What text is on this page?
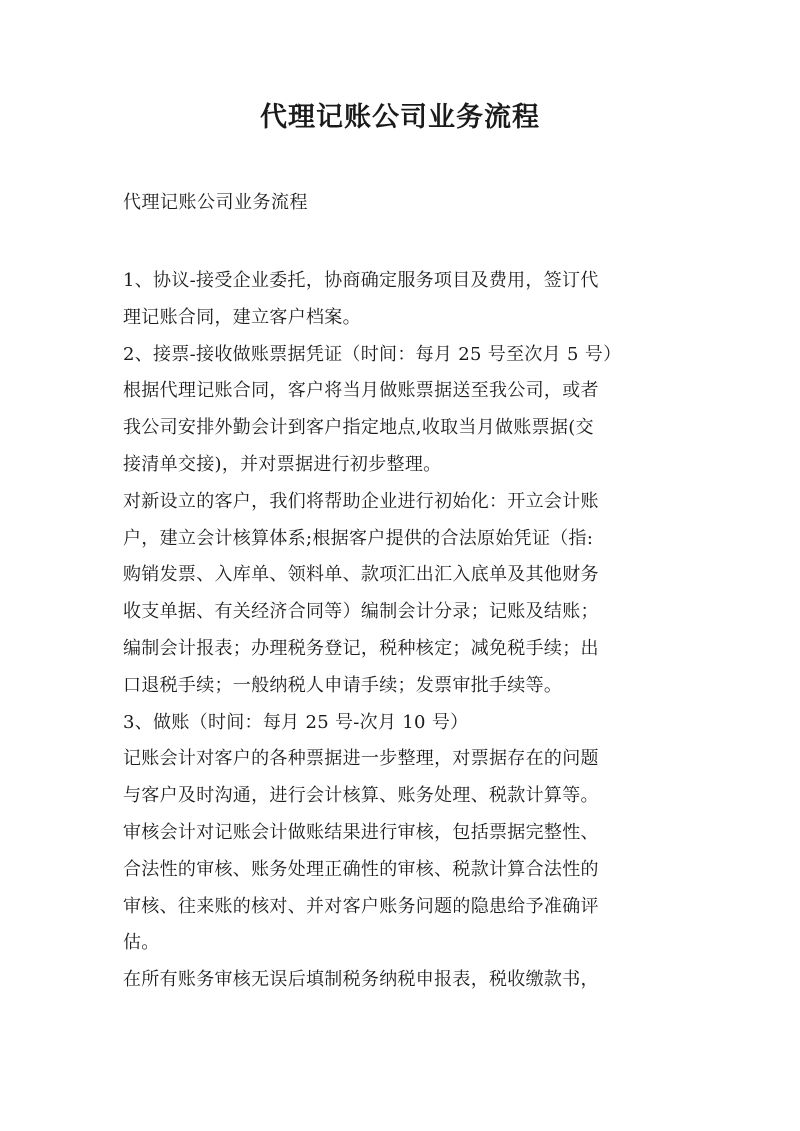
代理记账公司业务流程
代理记账公司业务流程
1、协议-接受企业委托，协商确定服务项目及费用，签订代
理记账合同，建立客户档案。
2、接票-接收做账票据凭证（时间：每月 25 号至次月 5 号）
根据代理记账合同，客户将当月做账票据送至我公司，或者
我公司安排外勤会计到客户指定地点,收取当月做账票据(交
接清单交接)，并对票据进行初步整理。
对新设立的客户，我们将帮助企业进行初始化：开立会计账
户，建立会计核算体系;根据客户提供的合法原始凭证（指:
购销发票、入库单、领料单、款项汇出汇入底单及其他财务
收支单据、有关经济合同等）编制会计分录；记账及结账；
编制会计报表；办理税务登记，税种核定；减免税手续；出
口退税手续；一般纳税人申请手续；发票审批手续等。
3、做账（时间：每月 25 号-次月 10 号）
记账会计对客户的各种票据进一步整理，对票据存在的问题
与客户及时沟通，进行会计核算、账务处理、税款计算等。
审核会计对记账会计做账结果进行审核，包括票据完整性、
合法性的审核、账务处理正确性的审核、税款计算合法性的
审核、往来账的核对、并对客户账务问题的隐患给予准确评
估。
在所有账务审核无误后填制税务纳税申报表，税收缴款书，
